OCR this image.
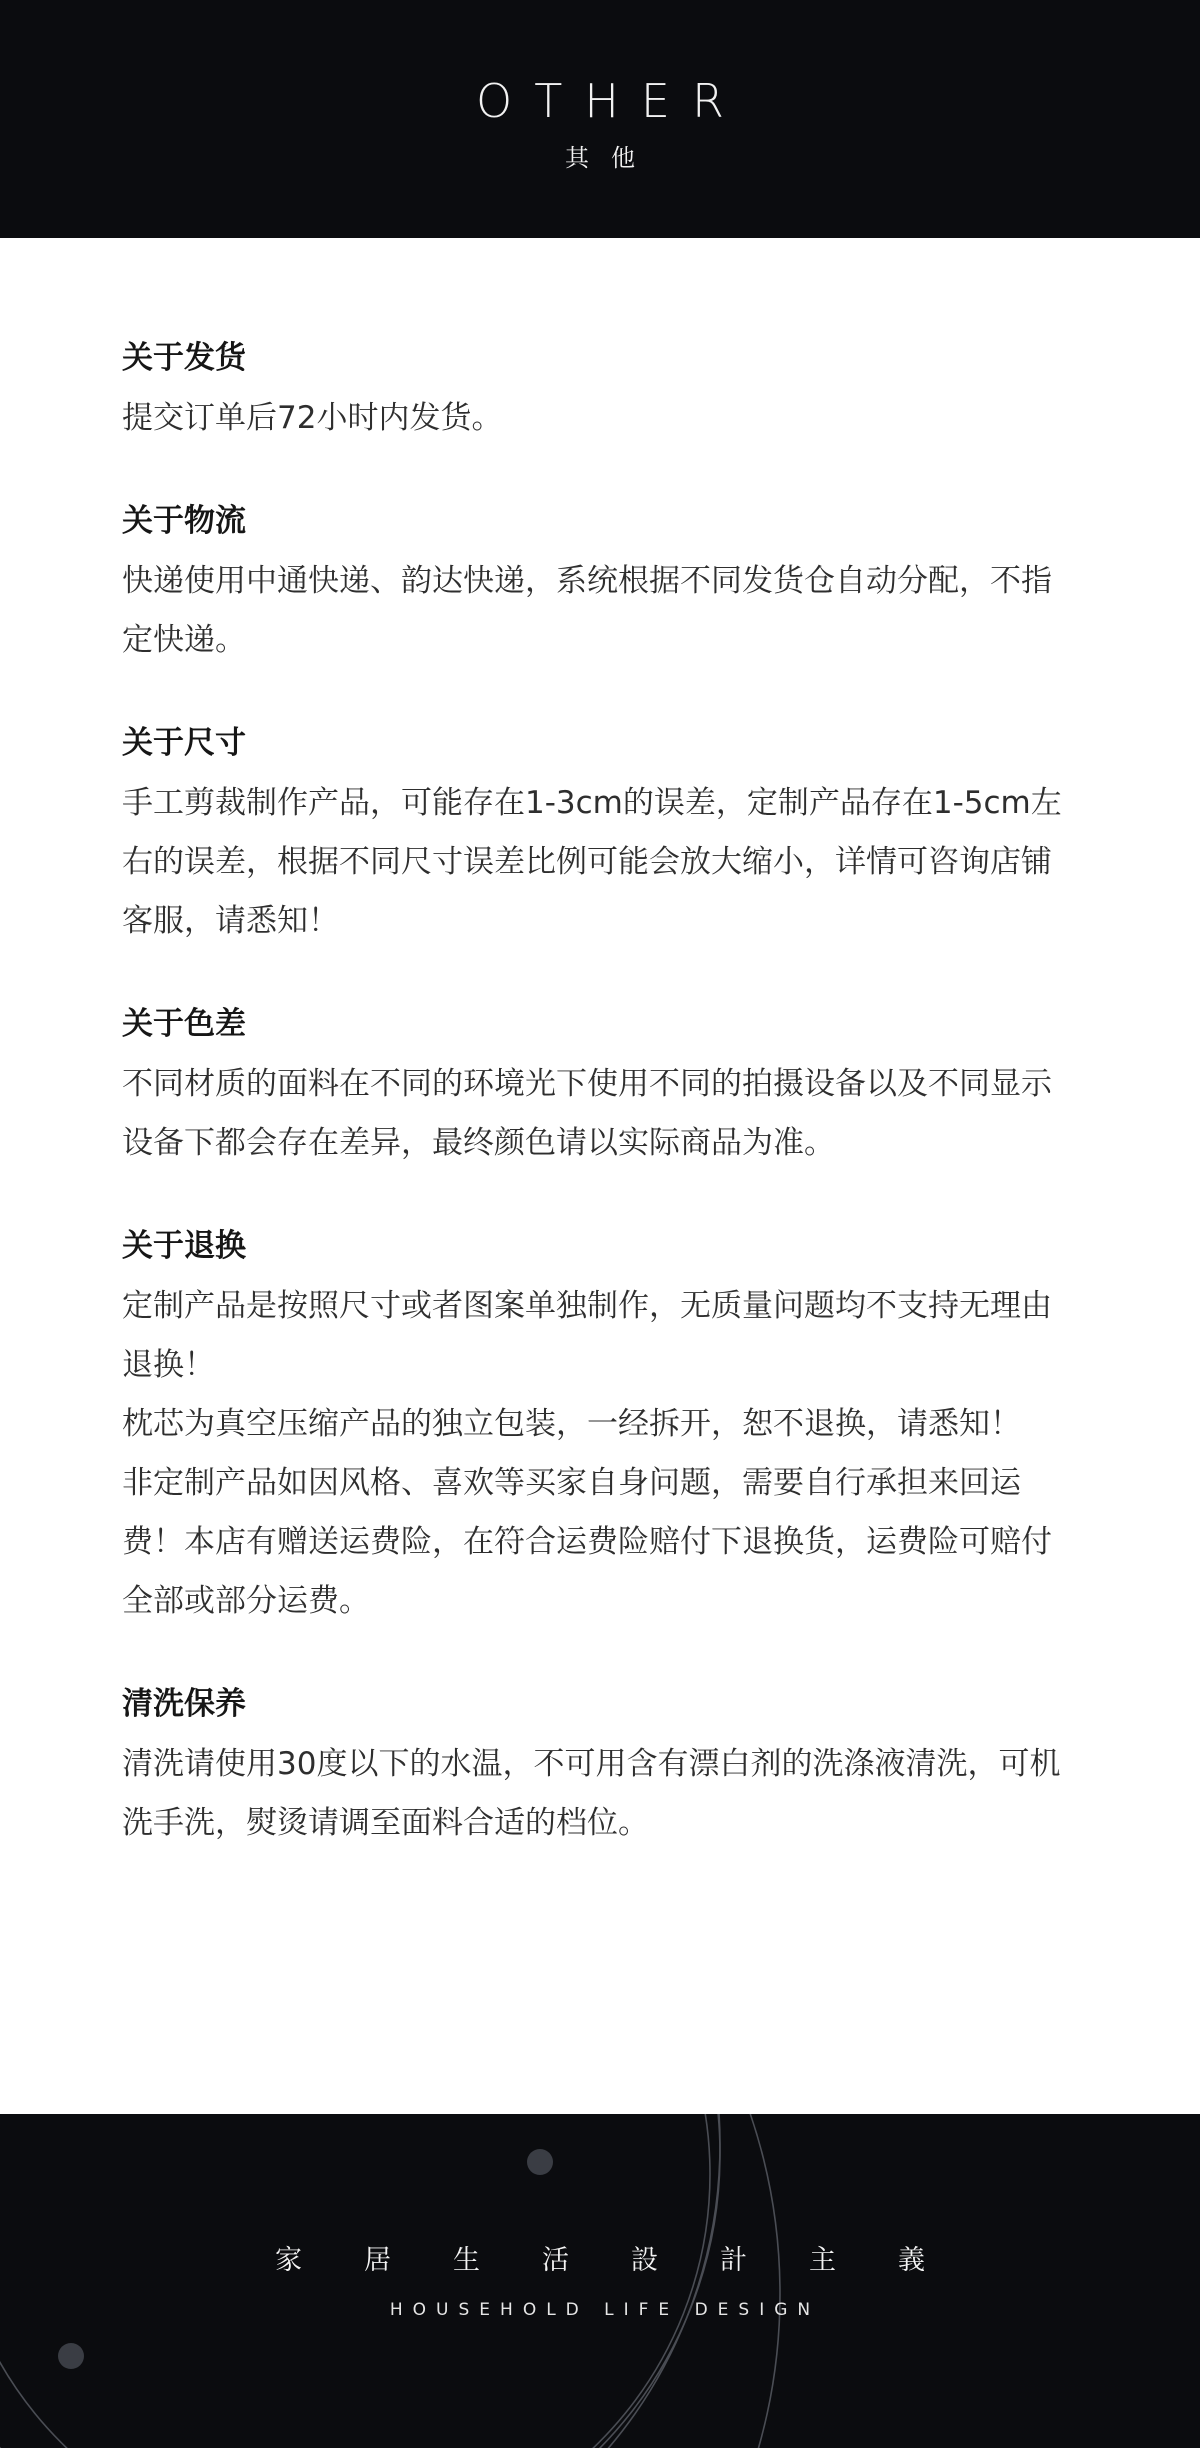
OTHER
其他
关于发货
提交订单后72小时内发货。
关于物流
快递使用中通快递、韵达快递，系统根据不同发货仓自动分配，不指定快递。
关于尺寸
手工剪裁制作产品，可能存在1-3cm的误差，定制产品存在1-5cm左右的误差，根据不同尺寸误差比例可能会放大缩小，详情可咨询店铺客服，请悉知！
关于色差
不同材质的面料在不同的环境光下使用不同的拍摄设备以及不同显示设备下都会存在差异，最终颜色请以实际商品为准。
关于退换
定制产品是按照尺寸或者图案单独制作，无质量问题均不支持无理由退换！
枕芯为真空压缩产品的独立包装，一经拆开，恕不退换，请悉知！
非定制产品如因风格、喜欢等买家自身问题，需要自行承担来回运费！本店有赠送运费险，在符合运费险赔付下退换货，运费险可赔付全部或部分运费。
清洗保养
清洗请使用30度以下的水温，不可用含有漂白剂的洗涤液清洗，可机洗手洗，熨烫请调至面料合适的档位。
家居生活設計主義
HOUSEHOLD LIFE DESIGN
